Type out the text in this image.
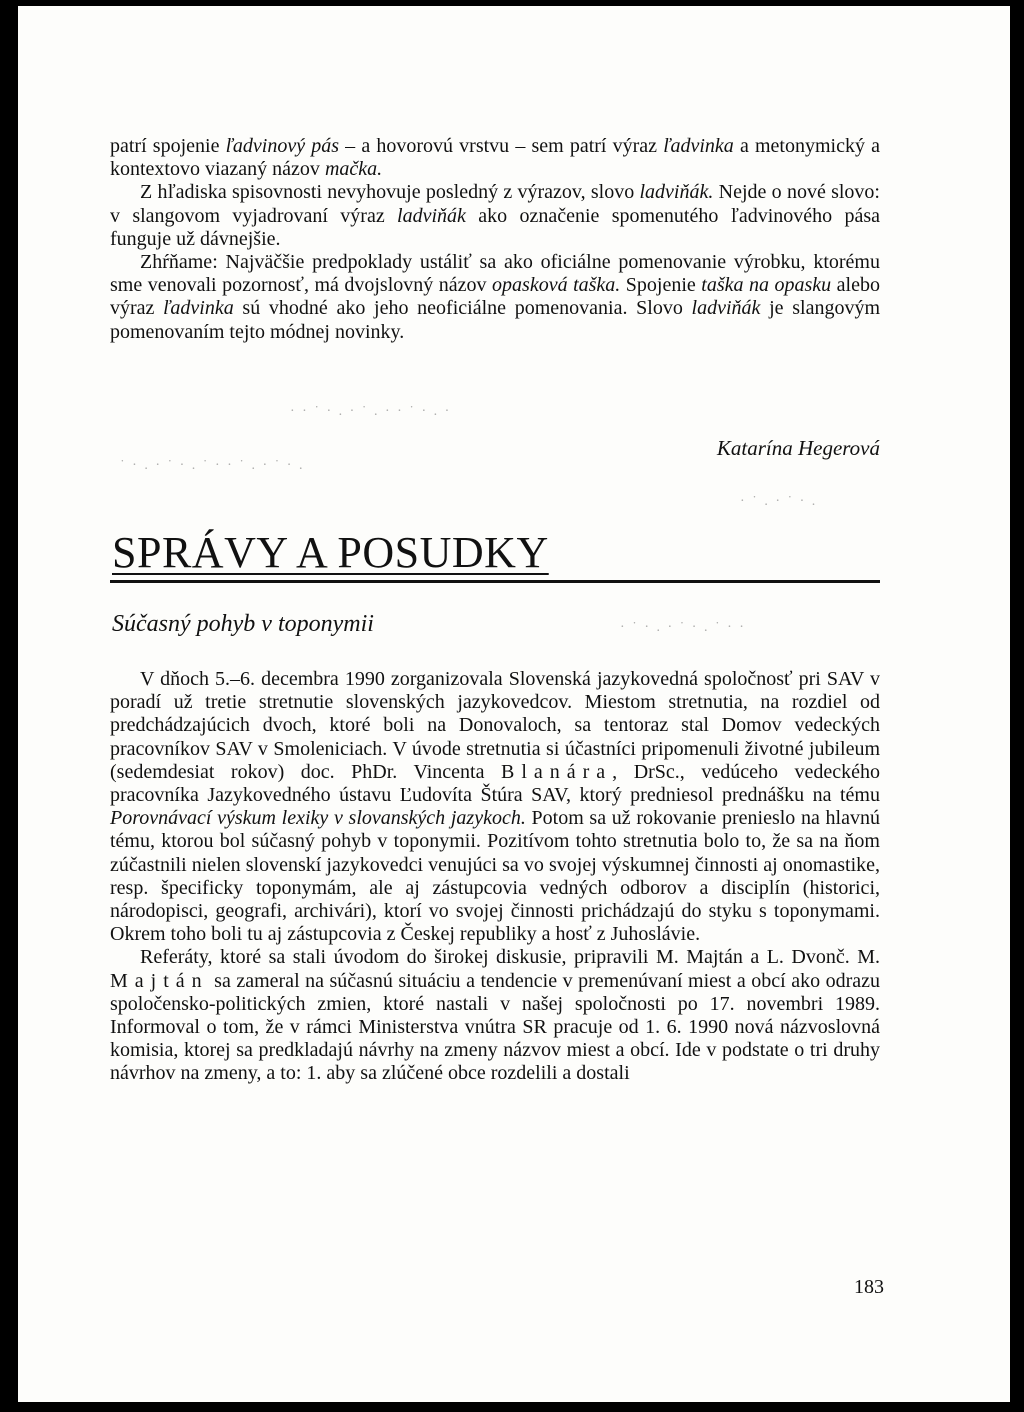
patrí spojenie ľadvinový pás – a hovorovú vrstvu – sem patrí výraz ľadvinka a metonymický a kontextovo viazaný názov mačka.

Z hľadiska spisovnosti nevyhovuje posledný z výrazov, slovo ladviňák. Nejde o nové slovo: v slangovom vyjadrovaní výraz ladviňák ako označenie spomenutého ľadvinového pása funguje už dávnejšie.

Zhŕňame: Najväčšie predpoklady ustáliť sa ako oficiálne pomenovanie výrobku, ktorému sme venovali pozornosť, má dvojslovný názov opasková taška. Spojenie taška na opasku alebo výraz ľadvinka sú vhodné ako jeho neoficiálne pomenovania. Slovo ladviňák je slangovým pomenovaním tejto módnej novinky.

· · ˙ · . · ˙ . · · ˙ · . ·
˙ · . · ˙ · . ˙ · · ˙ . · ˙ · .
· ˙ . · ˙ · .
· ˙ · . · ˙ · . ˙ · ·
Katarína Hegerová
SPRÁVY A POSUDKY
Súčasný pohyb v toponymii

V dňoch 5.–6. decembra 1990 zorganizovala Slovenská jazykovedná spoločnosť pri SAV v poradí už tretie stretnutie slovenských jazykovedcov. Miestom stretnutia, na rozdiel od predchádzajúcich dvoch, ktoré boli na Donovaloch, sa tentoraz stal Domov vedeckých pracovníkov SAV v Smoleniciach. V úvode stretnutia si účastníci pripomenuli životné jubileum (sedemdesiat rokov) doc. PhDr. Vincenta Blanára, DrSc., vedúceho vedeckého pracovníka Jazykovedného ústavu Ľudovíta Štúra SAV, ktorý predniesol prednášku na tému Porovnávací výskum lexiky v slovanských jazykoch. Potom sa už rokovanie prenieslo na hlavnú tému, ktorou bol súčasný pohyb v toponymii. Pozitívom tohto stretnutia bolo to, že sa na ňom zúčastnili nielen slovenskí jazykovedci venujúci sa vo svojej výskumnej činnosti aj onomastike, resp. špecificky toponymám, ale aj zástupcovia vedných odborov a disciplín (historici, národopisci, geografi, archivári), ktorí vo svojej činnosti prichádzajú do styku s toponymami. Okrem toho boli tu aj zástupcovia z Českej republiky a hosť z Juhoslávie.

Referáty, ktoré sa stali úvodom do širokej diskusie, pripravili M. Majtán a L. Dvonč. M. Majtán sa zameral na súčasnú situáciu a tendencie v premenúvaní miest a obcí ako odrazu spoločensko-politických zmien, ktoré nastali v našej spoločnosti po 17. novembri 1989. Informoval o tom, že v rámci Ministerstva vnútra SR pracuje od 1. 6. 1990 nová názvoslovná komisia, ktorej sa predkladajú návrhy na zmeny názvov miest a obcí. Ide v podstate o tri druhy návrhov na zmeny, a to: 1. aby sa zlúčené obce rozdelili a dostali

183
